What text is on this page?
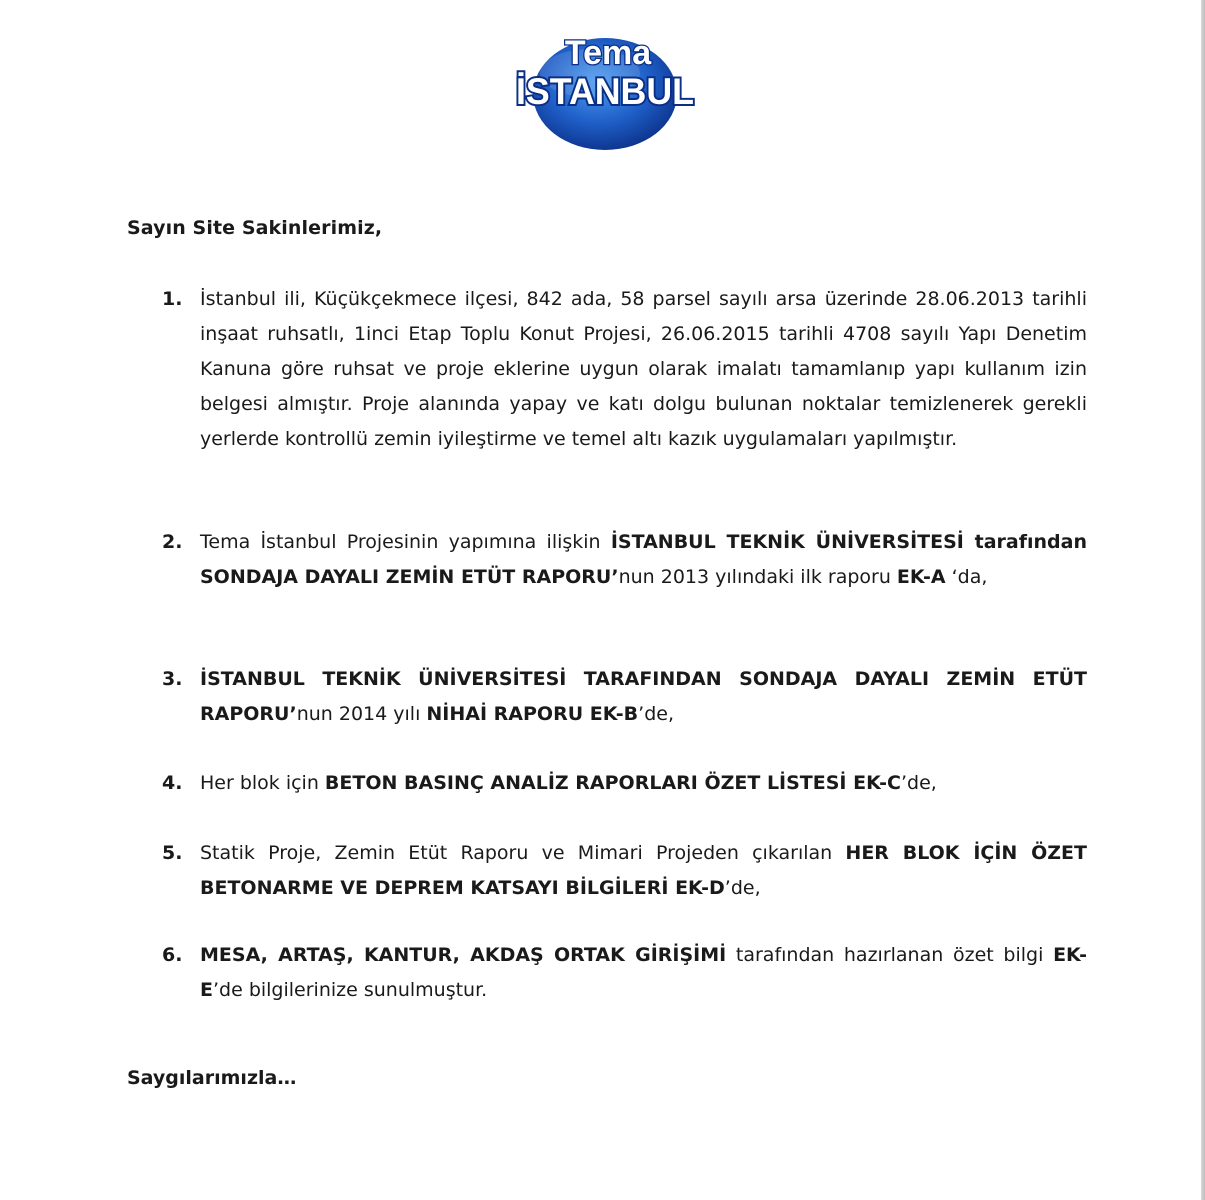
Tema
İSTANBUL
Sayın Site Sakinlerimiz,
1. İstanbul ili, Küçükçekmece ilçesi, 842 ada, 58 parsel sayılı arsa üzerinde 28.06.2013 tarihli inşaat ruhsatlı, 1inci Etap Toplu Konut Projesi, 26.06.2015 tarihli 4708 sayılı Yapı Denetim Kanuna göre ruhsat ve proje eklerine uygun olarak imalatı tamamlanıp yapı kullanım izin belgesi almıştır. Proje alanında yapay ve katı dolgu bulunan noktalar temizlenerek gerekli yerlerde kontrollü zemin iyileştirme ve temel altı kazık uygulamaları yapılmıştır.
2. Tema İstanbul Projesinin yapımına ilişkin İSTANBUL TEKNİK ÜNİVERSİTESİ tarafından SONDAJA DAYALI ZEMİN ETÜT RAPORU’nun 2013 yılındaki ilk raporu EK-A ‘da,
3. İSTANBUL TEKNİK ÜNİVERSİTESİ TARAFINDAN SONDAJA DAYALI ZEMİN ETÜT RAPORU’nun 2014 yılı NİHAİ RAPORU EK-B’de,
4. Her blok için BETON BASINÇ ANALİZ RAPORLARI ÖZET LİSTESİ EK-C’de,
5. Statik Proje, Zemin Etüt Raporu ve Mimari Projeden çıkarılan HER BLOK İÇİN ÖZET BETONARME VE DEPREM KATSAYI BİLGİLERİ EK-D’de,
6. MESA, ARTAŞ, KANTUR, AKDAŞ ORTAK GİRİŞİMİ tarafından hazırlanan özet bilgi EK-E’de bilgilerinize sunulmuştur.
Saygılarımızla…
